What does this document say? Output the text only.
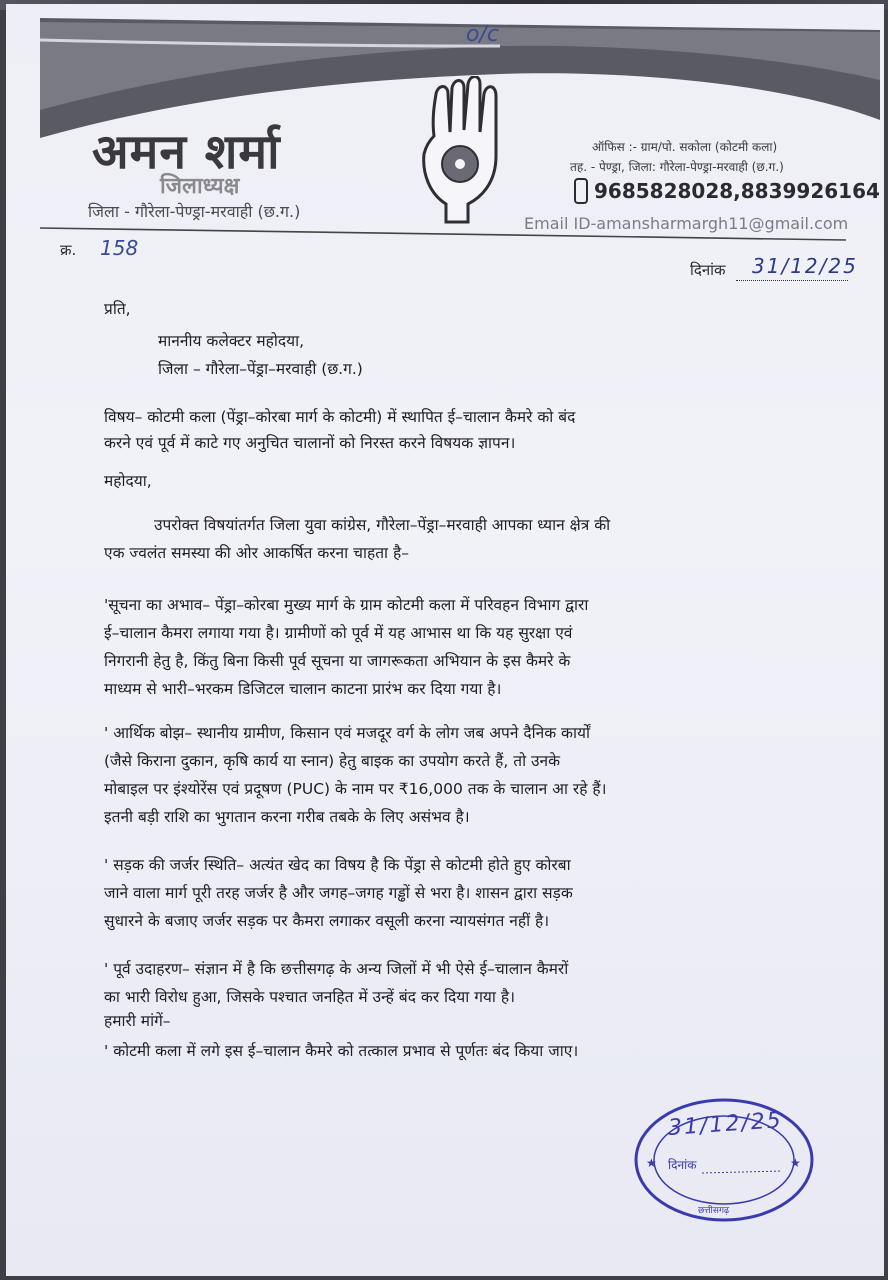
o/c
अमन शर्मा
जिलाध्यक्ष
जिला - गौरेला-पेण्ड्रा-मरवाही (छ.ग.)
ऑफिस :- ग्राम/पो. सकोला (कोटमी कला)
तह. - पेण्ड्रा, जिला: गौरेला-पेण्ड्रा-मरवाही (छ.ग.)
9685828028,8839926164
Email ID-amansharmargh11@gmail.com
क्र. 158
दिनांक 31/12/25
प्रति,
माननीय कलेक्टर महोदया,
जिला – गौरेला–पेंड्रा–मरवाही (छ.ग.)
विषय– कोटमी कला (पेंड्रा–कोरबा मार्ग के कोटमी) में स्थापित ई–चालान कैमरे को बंद
करने एवं पूर्व में काटे गए अनुचित चालानों को निरस्त करने विषयक ज्ञापन।
महोदया,
उपरोक्त विषयांतर्गत जिला युवा कांग्रेस, गौरेला–पेंड्रा–मरवाही आपका ध्यान क्षेत्र की
एक ज्वलंत समस्या की ओर आकर्षित करना चाहता है–
'सूचना का अभाव– पेंड्रा–कोरबा मुख्य मार्ग के ग्राम कोटमी कला में परिवहन विभाग द्वारा
ई–चालान कैमरा लगाया गया है। ग्रामीणों को पूर्व में यह आभास था कि यह सुरक्षा एवं
निगरानी हेतु है, किंतु बिना किसी पूर्व सूचना या जागरूकता अभियान के इस कैमरे के
माध्यम से भारी–भरकम डिजिटल चालान काटना प्रारंभ कर दिया गया है।
' आर्थिक बोझ– स्थानीय ग्रामीण, किसान एवं मजदूर वर्ग के लोग जब अपने दैनिक कार्यों
(जैसे किराना दुकान, कृषि कार्य या स्नान) हेतु बाइक का उपयोग करते हैं, तो उनके
मोबाइल पर इंश्योरेंस एवं प्रदूषण (PUC) के नाम पर ₹16,000 तक के चालान आ रहे हैं।
इतनी बड़ी राशि का भुगतान करना गरीब तबके के लिए असंभव है।
' सड़क की जर्जर स्थिति– अत्यंत खेद का विषय है कि पेंड्रा से कोटमी होते हुए कोरबा
जाने वाला मार्ग पूरी तरह जर्जर है और जगह–जगह गड्ढों से भरा है। शासन द्वारा सड़क
सुधारने के बजाए जर्जर सड़क पर कैमरा लगाकर वसूली करना न्यायसंगत नहीं है।
' पूर्व उदाहरण– संज्ञान में है कि छत्तीसगढ़ के अन्य जिलों में भी ऐसे ई–चालान कैमरों
का भारी विरोध हुआ, जिसके पश्चात जनहित में उन्हें बंद कर दिया गया है।
हमारी मांगें–
' कोटमी कला में लगे इस ई–चालान कैमरे को तत्काल प्रभाव से पूर्णतः बंद किया जाए।
★	★
31/12/25
दिनांक
छत्तीसगढ़
